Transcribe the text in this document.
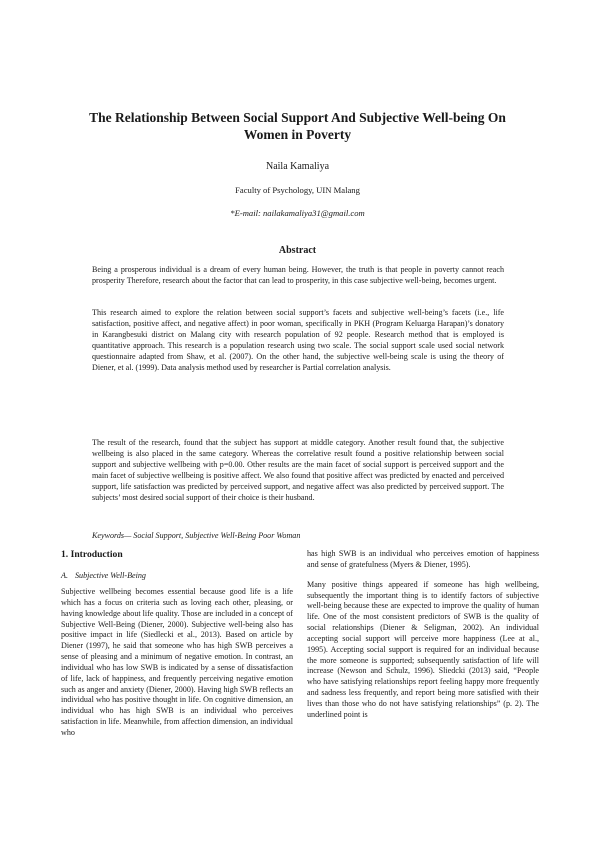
The Relationship Between Social Support And Subjective Well-being On Women in Poverty

Naila Kamaliya

Faculty of Psychology, UIN Malang

*E-mail: nailakamaliya31@gmail.com

Abstract

Being a prosperous individual is a dream of every human being. However, the truth is that people in poverty cannot reach prosperity Therefore, research about the factor that can lead to prosperity, in this case subjective well-being, becomes urgent.

This research aimed to explore the relation between social support’s facets and subjective well-being’s facets (i.e., life satisfaction, positive affect, and negative affect) in poor woman, specifically in PKH (Program Keluarga Harapan)’s donatory in Karangbesuki district on Malang city with research population of 92 people. Research method that is employed is quantitative approach. This research is a population research using two scale. The social support scale used social network questionnaire adapted from Shaw, et al. (2007). On the other hand, the subjective well-being scale is using the theory of Diener, et al. (1999). Data analysis method used by researcher is Partial correlation analysis.

The result of the research, found that the subject has support at middle category. Another result found that, the subjective wellbeing is also placed in the same category. Whereas the correlative result found a positive relationship between social support and subjective wellbeing with p=0.00. Other results are the main facet of social support is perceived support and the main facet of subjective wellbeing is positive affect. We also found that positive affect was predicted by enacted and perceived support, life satisfaction was predicted by perceived support, and negative affect was also predicted by perceived support. The subjects’ most desired social support of their choice is their husband.

Keywords— Social Support, Subjective Well-Being Poor Woman

1. Introduction

A. Subjective Well-Being

Subjective wellbeing becomes essential because good life is a life which has a focus on criteria such as loving each other, pleasing, or having knowledge about life quality. Those are included in a concept of Subjective Well-Being (Diener, 2000). Subjective well-being also has positive impact in life (Siedlecki et al., 2013). Based on article by Diener (1997), he said that someone who has high SWB perceives a sense of pleasing and a minimum of negative emotion. In contrast, an individual who has low SWB is indicated by a sense of dissatisfaction of life, lack of happiness, and frequently perceiving negative emotion such as anger and anxiety (Diener, 2000). Having high SWB reflects an individual who has positive thought in life. On cognitive dimension, an individual who has high SWB is an individual who perceives satisfaction in life. Meanwhile, from affection dimension, an individual who

has high SWB is an individual who perceives emotion of happiness and sense of gratefulness (Myers & Diener, 1995).

Many positive things appeared if someone has high wellbeing, subsequently the important thing is to identify factors of subjective well-being because these are expected to improve the quality of human life. One of the most consistent predictors of SWB is the quality of social relationships (Diener & Seligman, 2002). An individual accepting social support will perceive more happiness (Lee at al., 1995). Accepting social support is required for an individual because the more someone is supported; subsequently satisfaction of life will increase (Newson and Schulz, 1996). Sliedcki (2013) said, “People who have satisfying relationships report feeling happy more frequently and sadness less frequently, and report being more satisfied with their lives than those who do not have satisfying relationships” (p. 2). The underlined point is
